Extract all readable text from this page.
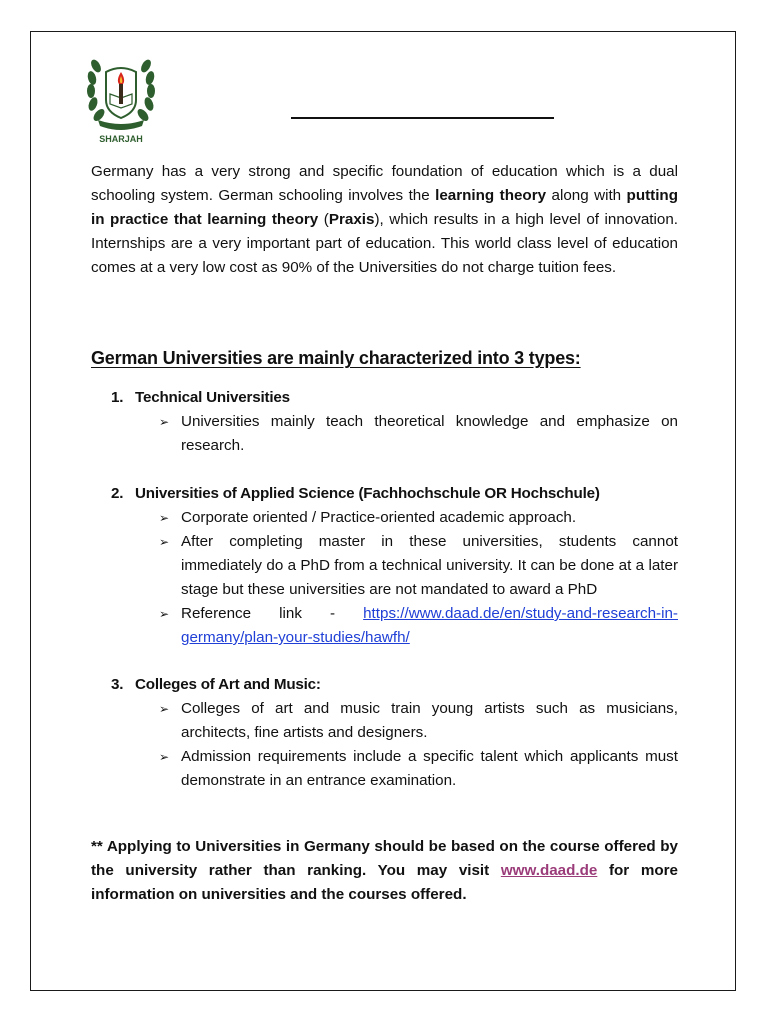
SHARJAH
Germany has a very strong and specific foundation of education which is a dual schooling system. German schooling involves the learning theory along with putting in practice that learning theory (Praxis), which results in a high level of innovation. Internships are a very important part of education. This world class level of education comes at a very low cost as 90% of the Universities do not charge tuition fees.
German Universities are mainly characterized into 3 types:
1. Technical Universities
➢ Universities mainly teach theoretical knowledge and emphasize on research.
2. Universities of Applied Science (Fachhochschule OR Hochschule)
➢ Corporate oriented / Practice-oriented academic approach.
➢ After completing master in these universities, students cannot immediately do a PhD from a technical university. It can be done at a later stage but these universities are not mandated to award a PhD
➢ Reference link - https://www.daad.de/en/study-and-research-in-germany/plan-your-studies/hawfh/
3. Colleges of Art and Music:
➢ Colleges of art and music train young artists such as musicians, architects, fine artists and designers.
➢ Admission requirements include a specific talent which applicants must demonstrate in an entrance examination.
** Applying to Universities in Germany should be based on the course offered by the university rather than ranking. You may visit www.daad.de for more information on universities and the courses offered.
